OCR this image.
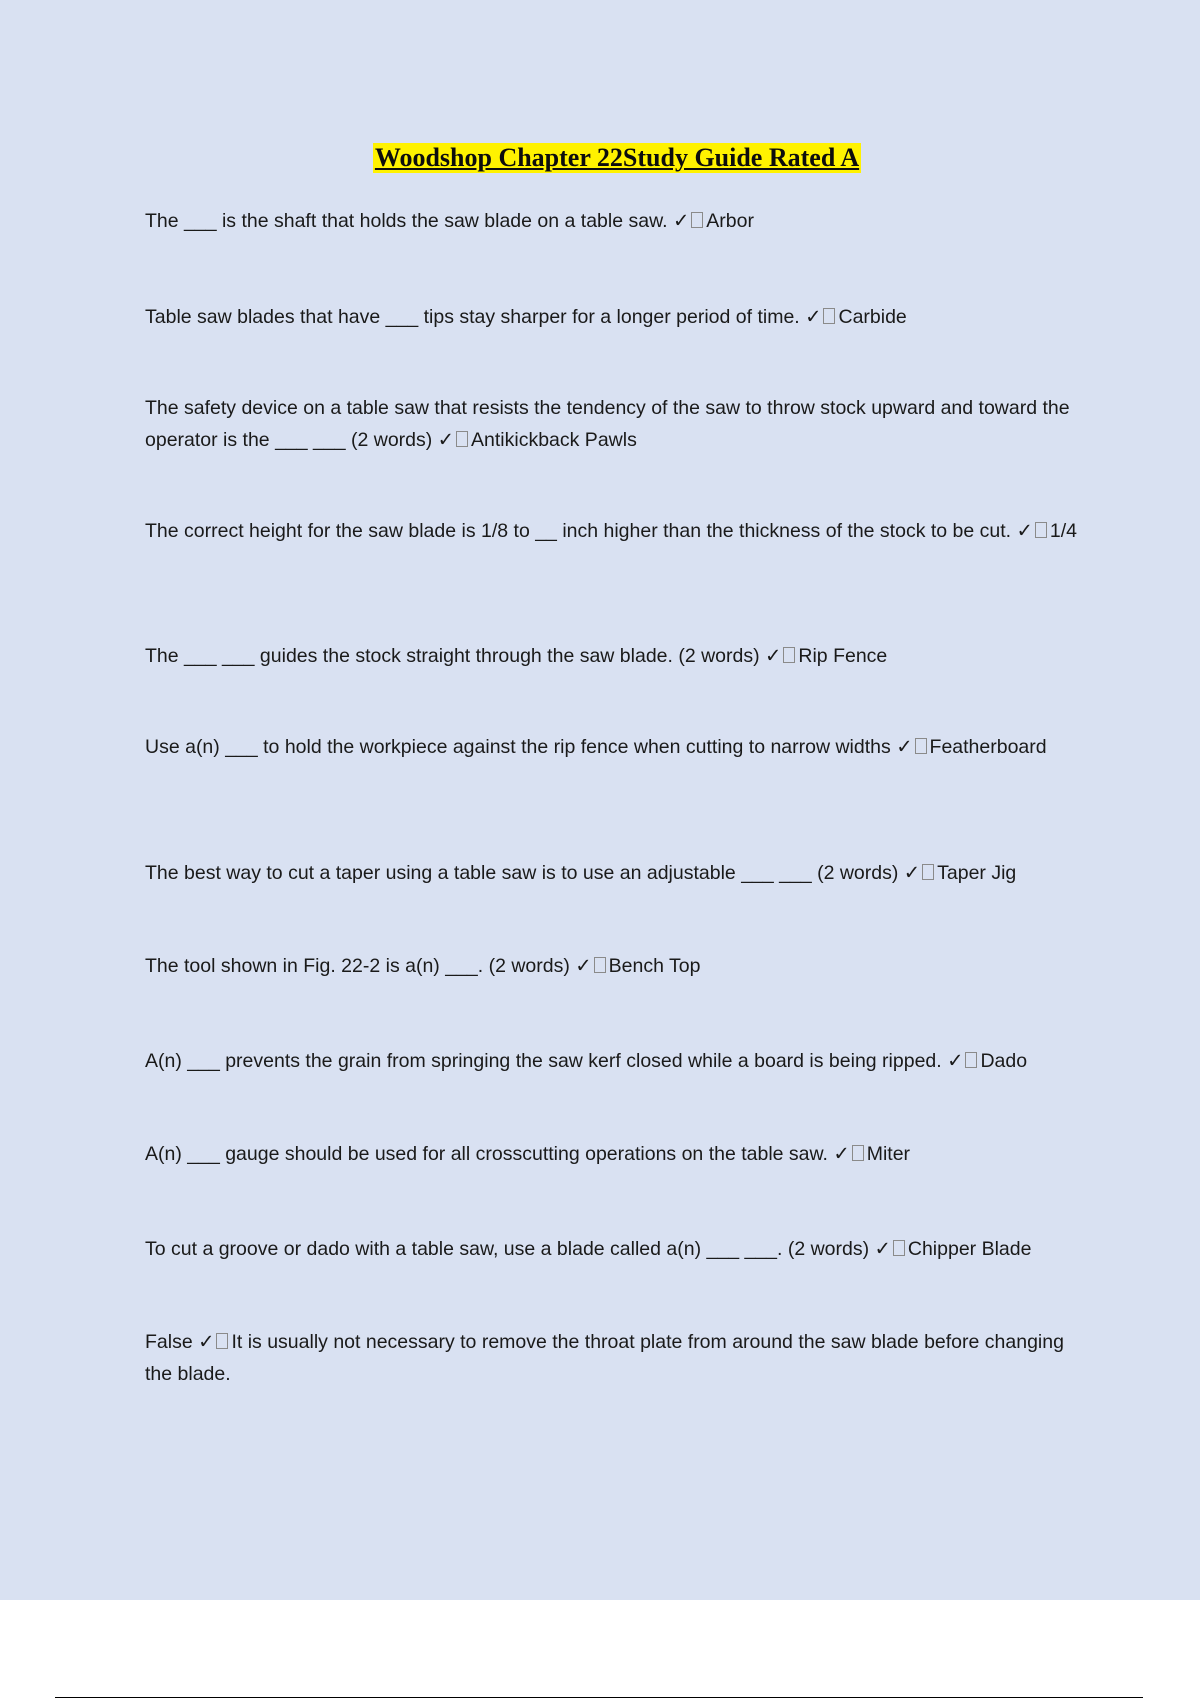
Woodshop Chapter 22Study Guide Rated A

The ___ is the shaft that holds the saw blade on a table saw. ✓ Arbor

Table saw blades that have ___ tips stay sharper for a longer period of time. ✓ Carbide

The safety device on a table saw that resists the tendency of the saw to throw stock upward and toward the operator is the ___ ___ (2 words) ✓ Antikickback Pawls

The correct height for the saw blade is 1/8 to __ inch higher than the thickness of the stock to be cut. ✓ 1/4

The ___ ___ guides the stock straight through the saw blade. (2 words) ✓ Rip Fence

Use a(n) ___ to hold the workpiece against the rip fence when cutting to narrow widths ✓ Featherboard

The best way to cut a taper using a table saw is to use an adjustable ___ ___ (2 words) ✓ Taper Jig

The tool shown in Fig. 22-2 is a(n) ___. (2 words) ✓ Bench Top

A(n) ___ prevents the grain from springing the saw kerf closed while a board is being ripped. ✓ Dado

A(n) ___ gauge should be used for all crosscutting operations on the table saw. ✓ Miter

To cut a groove or dado with a table saw, use a blade called a(n) ___ ___. (2 words) ✓ Chipper Blade

False ✓ It is usually not necessary to remove the throat plate from around the saw blade before changing the blade.
